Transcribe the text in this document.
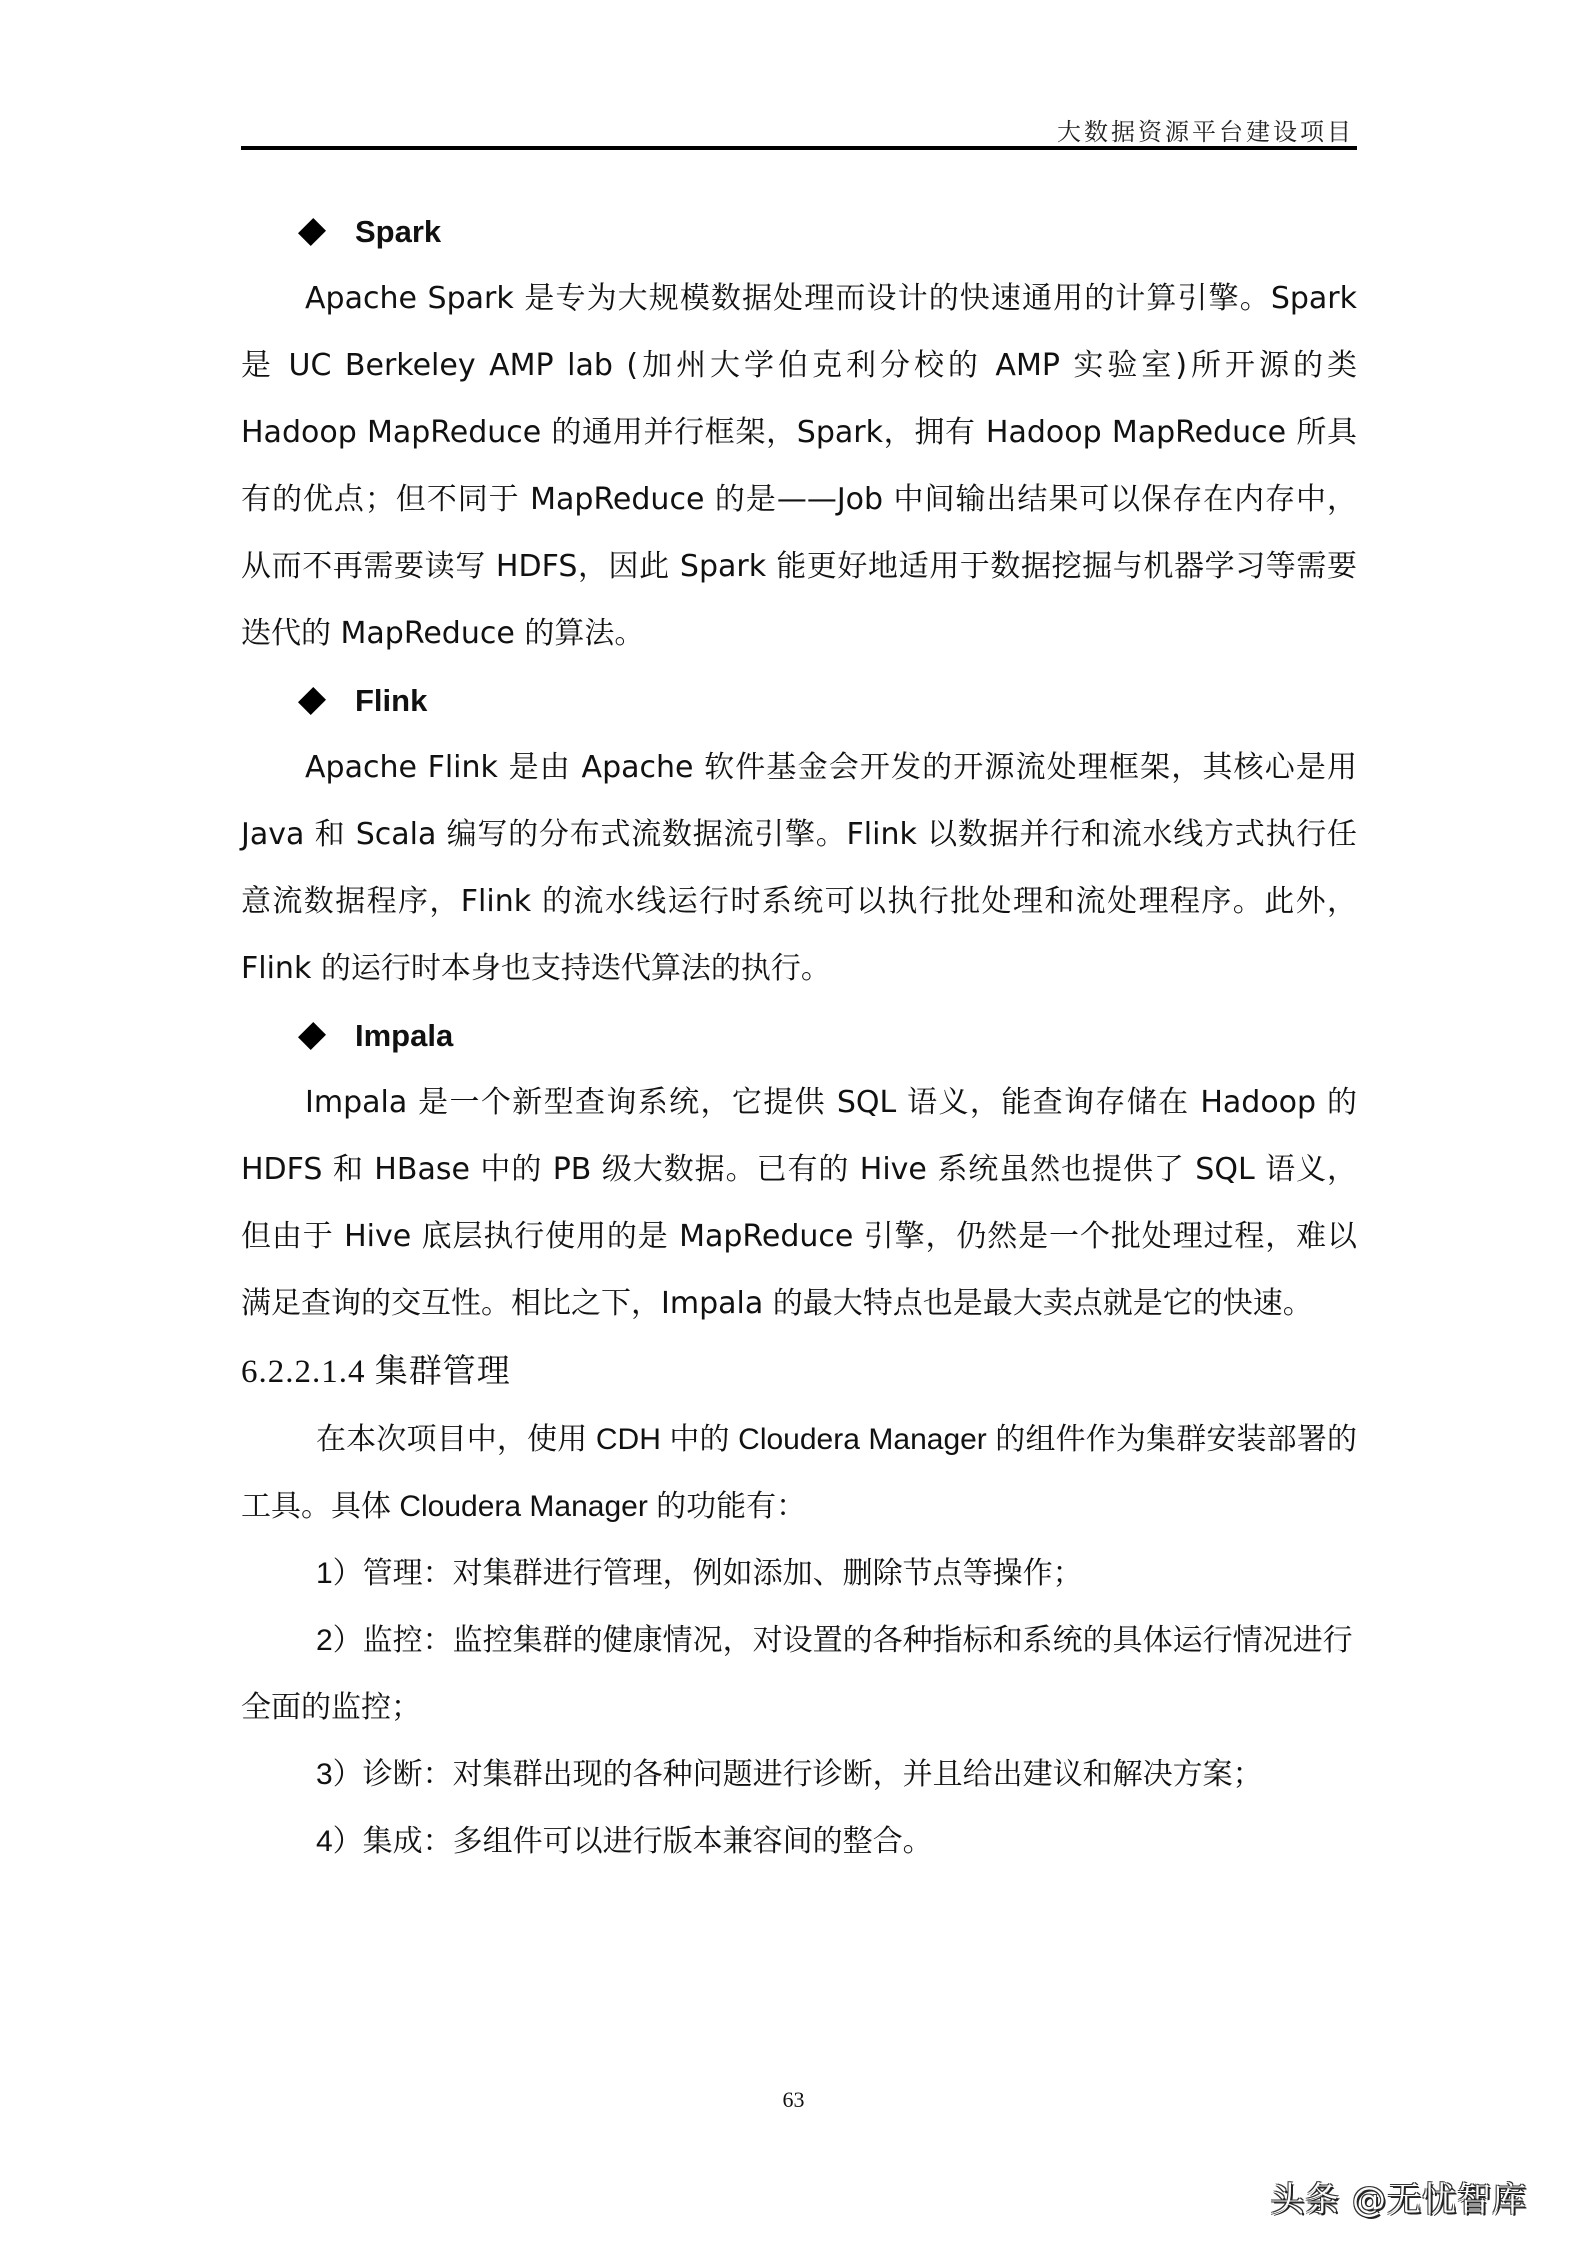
大数据资源平台建设项目
Spark

Apache Spark 是专为大规模数据处理而设计的快速通用的计算引擎。Spark 是 UC Berkeley AMP lab (加州大学伯克利分校的 AMP 实验室)所开源的类 Hadoop MapReduce 的通用并行框架，Spark，拥有 Hadoop MapReduce 所具有的优点；但不同于 MapReduce 的是——Job 中间输出结果可以保存在内存中，从而不再需要读写 HDFS，因此 Spark 能更好地适用于数据挖掘与机器学习等需要迭代的 MapReduce 的算法。

Flink

Apache Flink 是由 Apache 软件基金会开发的开源流处理框架，其核心是用 Java 和 Scala 编写的分布式流数据流引擎。Flink 以数据并行和流水线方式执行任意流数据程序，Flink 的流水线运行时系统可以执行批处理和流处理程序。此外，Flink 的运行时本身也支持迭代算法的执行。

Impala

Impala 是一个新型查询系统，它提供 SQL 语义，能查询存储在 Hadoop 的 HDFS 和 HBase 中的 PB 级大数据。已有的 Hive 系统虽然也提供了 SQL 语义，但由于 Hive 底层执行使用的是 MapReduce 引擎，仍然是一个批处理过程，难以满足查询的交互性。相比之下，Impala 的最大特点也是最大卖点就是它的快速。

6.2.2.1.4 集群管理

在本次项目中，使用 CDH 中的 Cloudera Manager 的组件作为集群安装部署的工具。具体 Cloudera Manager 的功能有：

1）管理：对集群进行管理，例如添加、删除节点等操作；

2）监控：监控集群的健康情况，对设置的各种指标和系统的具体运行情况进行全面的监控；

3）诊断：对集群出现的各种问题进行诊断，并且给出建议和解决方案；

4）集成：多组件可以进行版本兼容间的整合。

63
头条 @无忧智库
